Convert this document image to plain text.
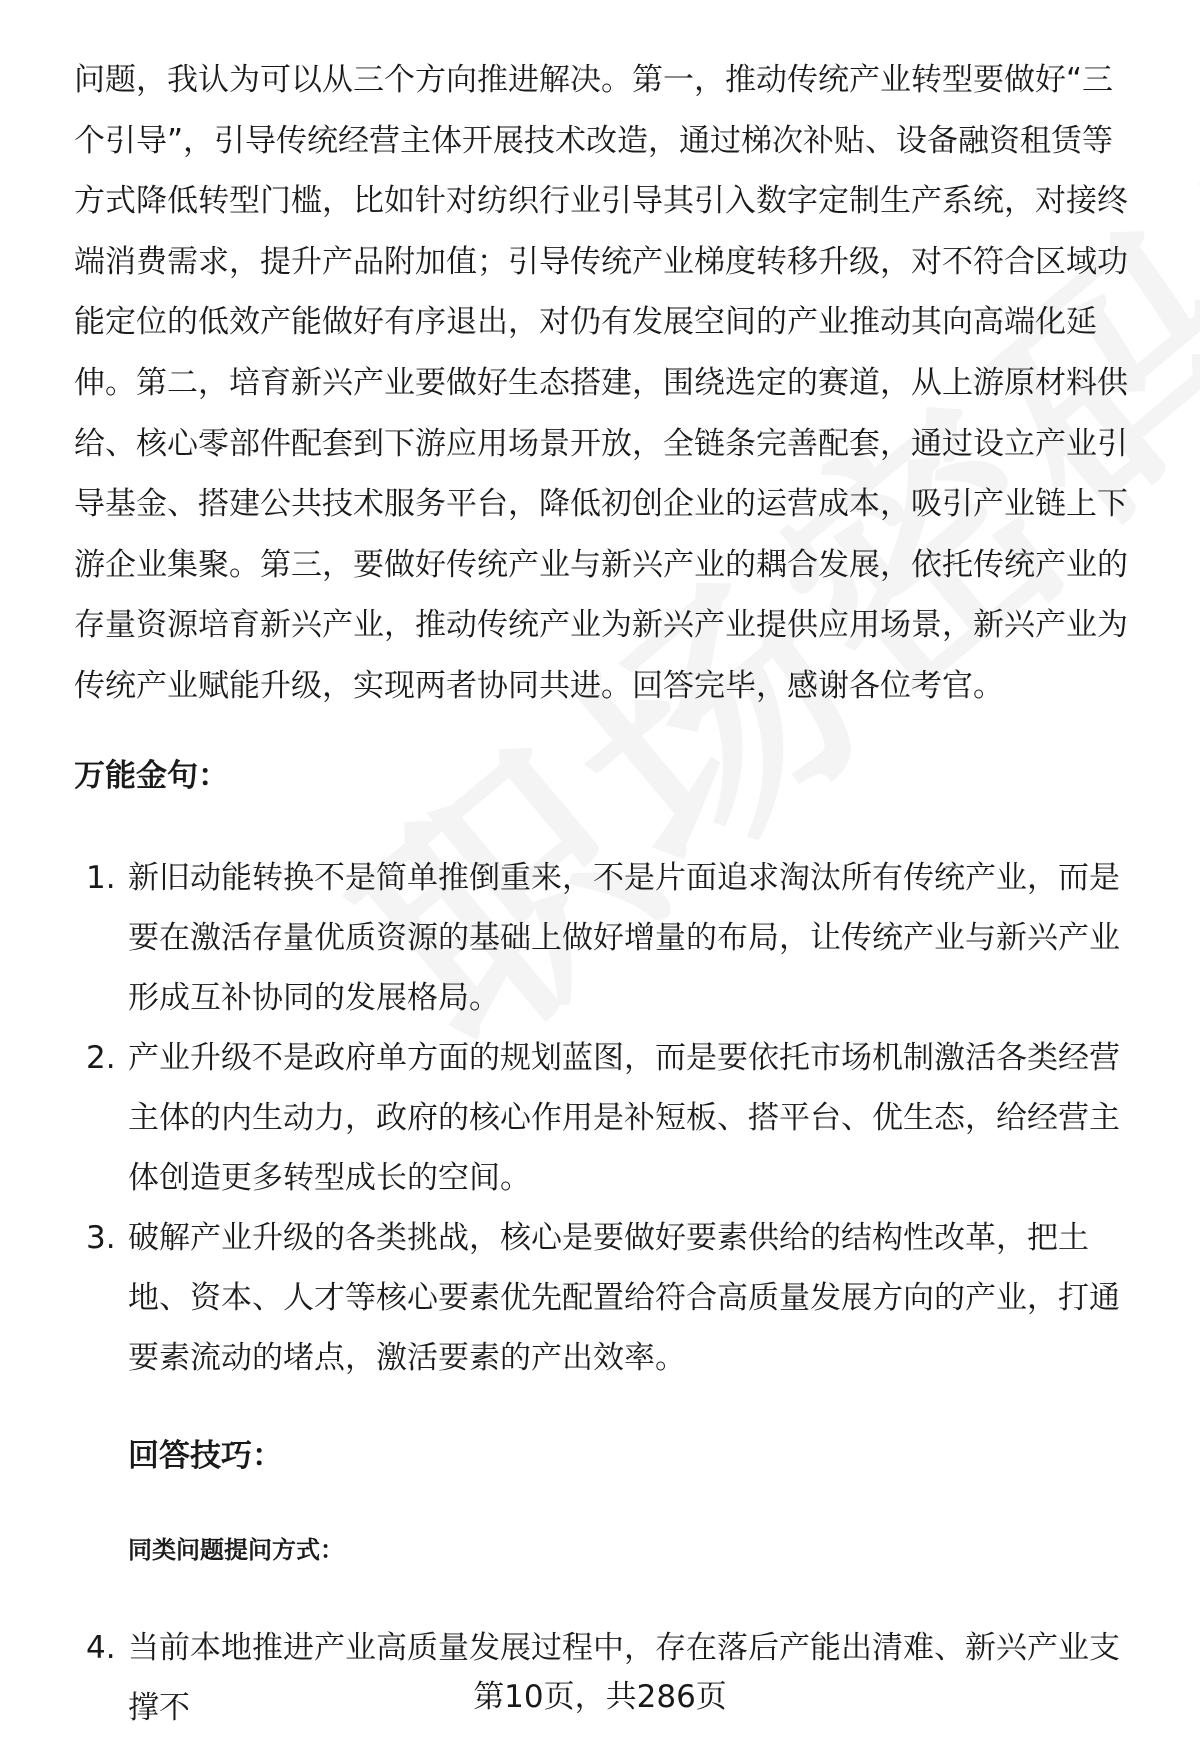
问题，我认为可以从三个方向推进解决。第一，推动传统产业转型要做好“三个引导”，引导传统经营主体开展技术改造，通过梯次补贴、设备融资租赁等方式降低转型门槛，比如针对纺织行业引导其引入数字定制生产系统，对接终端消费需求，提升产品附加值；引导传统产业梯度转移升级，对不符合区域功能定位的低效产能做好有序退出，对仍有发展空间的产业推动其向高端化延伸。第二，培育新兴产业要做好生态搭建，围绕选定的赛道，从上游原材料供给、核心零部件配套到下游应用场景开放，全链条完善配套，通过设立产业引导基金、搭建公共技术服务平台，降低初创企业的运营成本，吸引产业链上下游企业集聚。第三，要做好传统产业与新兴产业的耦合发展，依托传统产业的存量资源培育新兴产业，推动传统产业为新兴产业提供应用场景，新兴产业为传统产业赋能升级，实现两者协同共进。回答完毕，感谢各位考官。

万能金句：
1. 新旧动能转换不是简单推倒重来，不是片面追求淘汰所有传统产业，而是要在激活存量优质资源的基础上做好增量的布局，让传统产业与新兴产业形成互补协同的发展格局。
2. 产业升级不是政府单方面的规划蓝图，而是要依托市场机制激活各类经营主体的内生动力，政府的核心作用是补短板、搭平台、优生态，给经营主体创造更多转型成长的空间。
3. 破解产业升级的各类挑战，核心是要做好要素供给的结构性改革，把土地、资本、人才等核心要素优先配置给符合高质量发展方向的产业，打通要素流动的堵点，激活要素的产出效率。
回答技巧：
同类问题提问方式：
4. 当前本地推进产业高质量发展过程中，存在落后产能出清难、新兴产业支撑不	第10页，共286页
